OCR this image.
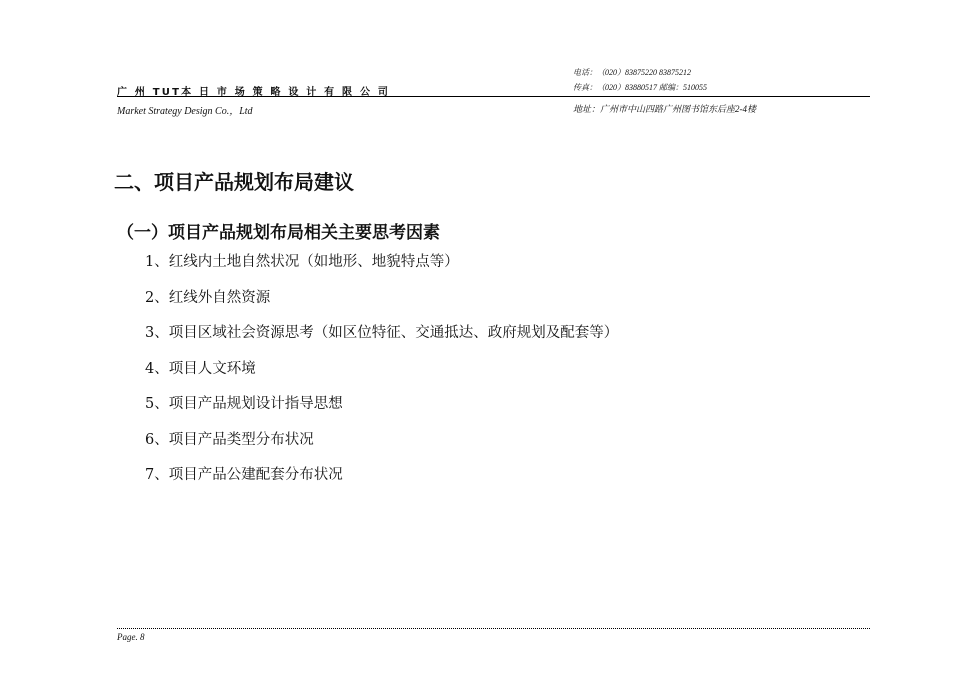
电话：（020）83875220 83875212
传真：（020）83880517 邮编：510055
广 州 TUT本 日 市 场 策 略 设 计 有 限 公 司
Market Strategy Design Co.，Ltd	地址：广州市中山四路广州图书馆东后座2-4楼
二、项目产品规划布局建议
（一）项目产品规划布局相关主要思考因素
1、红线内土地自然状况（如地形、地貌特点等）
2、红线外自然资源
3、项目区域社会资源思考（如区位特征、交通抵达、政府规划及配套等）
4、项目人文环境
5、项目产品规划设计指导思想
6、项目产品类型分布状况
7、项目产品公建配套分布状况
Page. 8
